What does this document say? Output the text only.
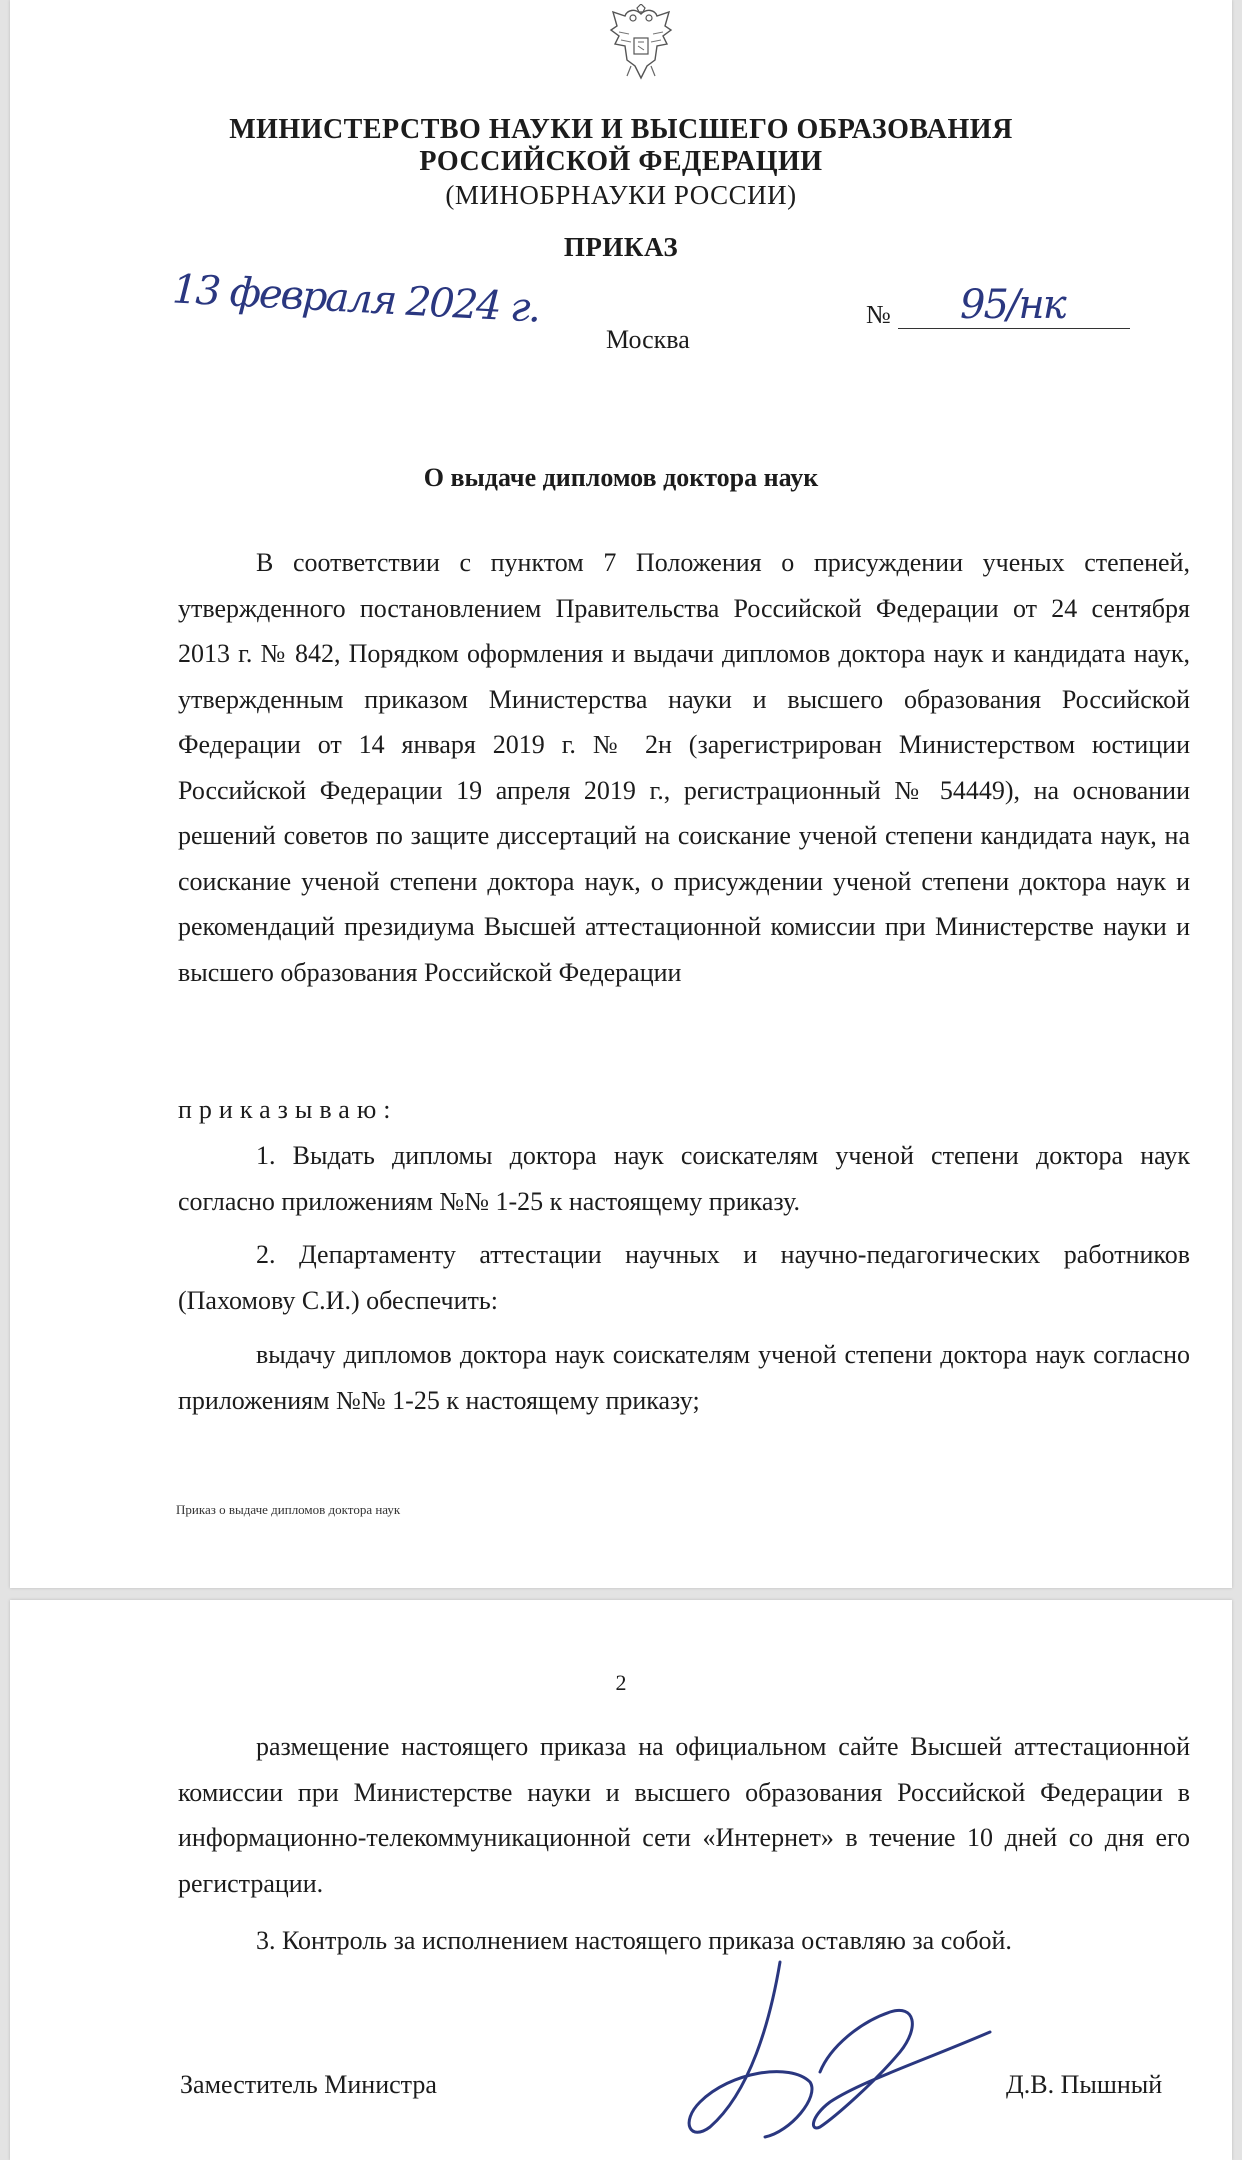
МИНИСТЕРСТВО НАУКИ И ВЫСШЕГО ОБРАЗОВАНИЯ
РОССИЙСКОЙ ФЕДЕРАЦИИ
(МИНОБРНАУКИ РОССИИ)
ПРИКАЗ
13 февраля 2024 г.	№ 95/нк
Москва
О выдаче дипломов доктора наук
В соответствии с пунктом 7 Положения о присуждении ученых степеней, утвержденного постановлением Правительства Российской Федерации от 24 сентября 2013 г. № 842, Порядком оформления и выдачи дипломов доктора наук и кандидата наук, утвержденным приказом Министерства науки и высшего образования Российской Федерации от 14 января 2019 г. № 2н (зарегистрирован Министерством юстиции Российской Федерации 19 апреля 2019 г., регистрационный № 54449), на основании решений советов по защите диссертаций на соискание ученой степени кандидата наук, на соискание ученой степени доктора наук, о присуждении ученой степени доктора наук и рекомендаций президиума Высшей аттестационной комиссии при Министерстве науки и высшего образования Российской Федерации
приказываю:
1. Выдать дипломы доктора наук соискателям ученой степени доктора наук согласно приложениям №№ 1-25 к настоящему приказу.
2. Департаменту аттестации научных и научно-педагогических работников (Пахомову С.И.) обеспечить:
выдачу дипломов доктора наук соискателям ученой степени доктора наук согласно приложениям №№ 1-25 к настоящему приказу;
Приказ о выдаче дипломов доктора наук
2
размещение настоящего приказа на официальном сайте Высшей аттестационной комиссии при Министерстве науки и высшего образования Российской Федерации в информационно-телекоммуникационной сети «Интернет» в течение 10 дней со дня его регистрации.
3. Контроль за исполнением настоящего приказа оставляю за собой.
Заместитель Министра	Д.В. Пышный
